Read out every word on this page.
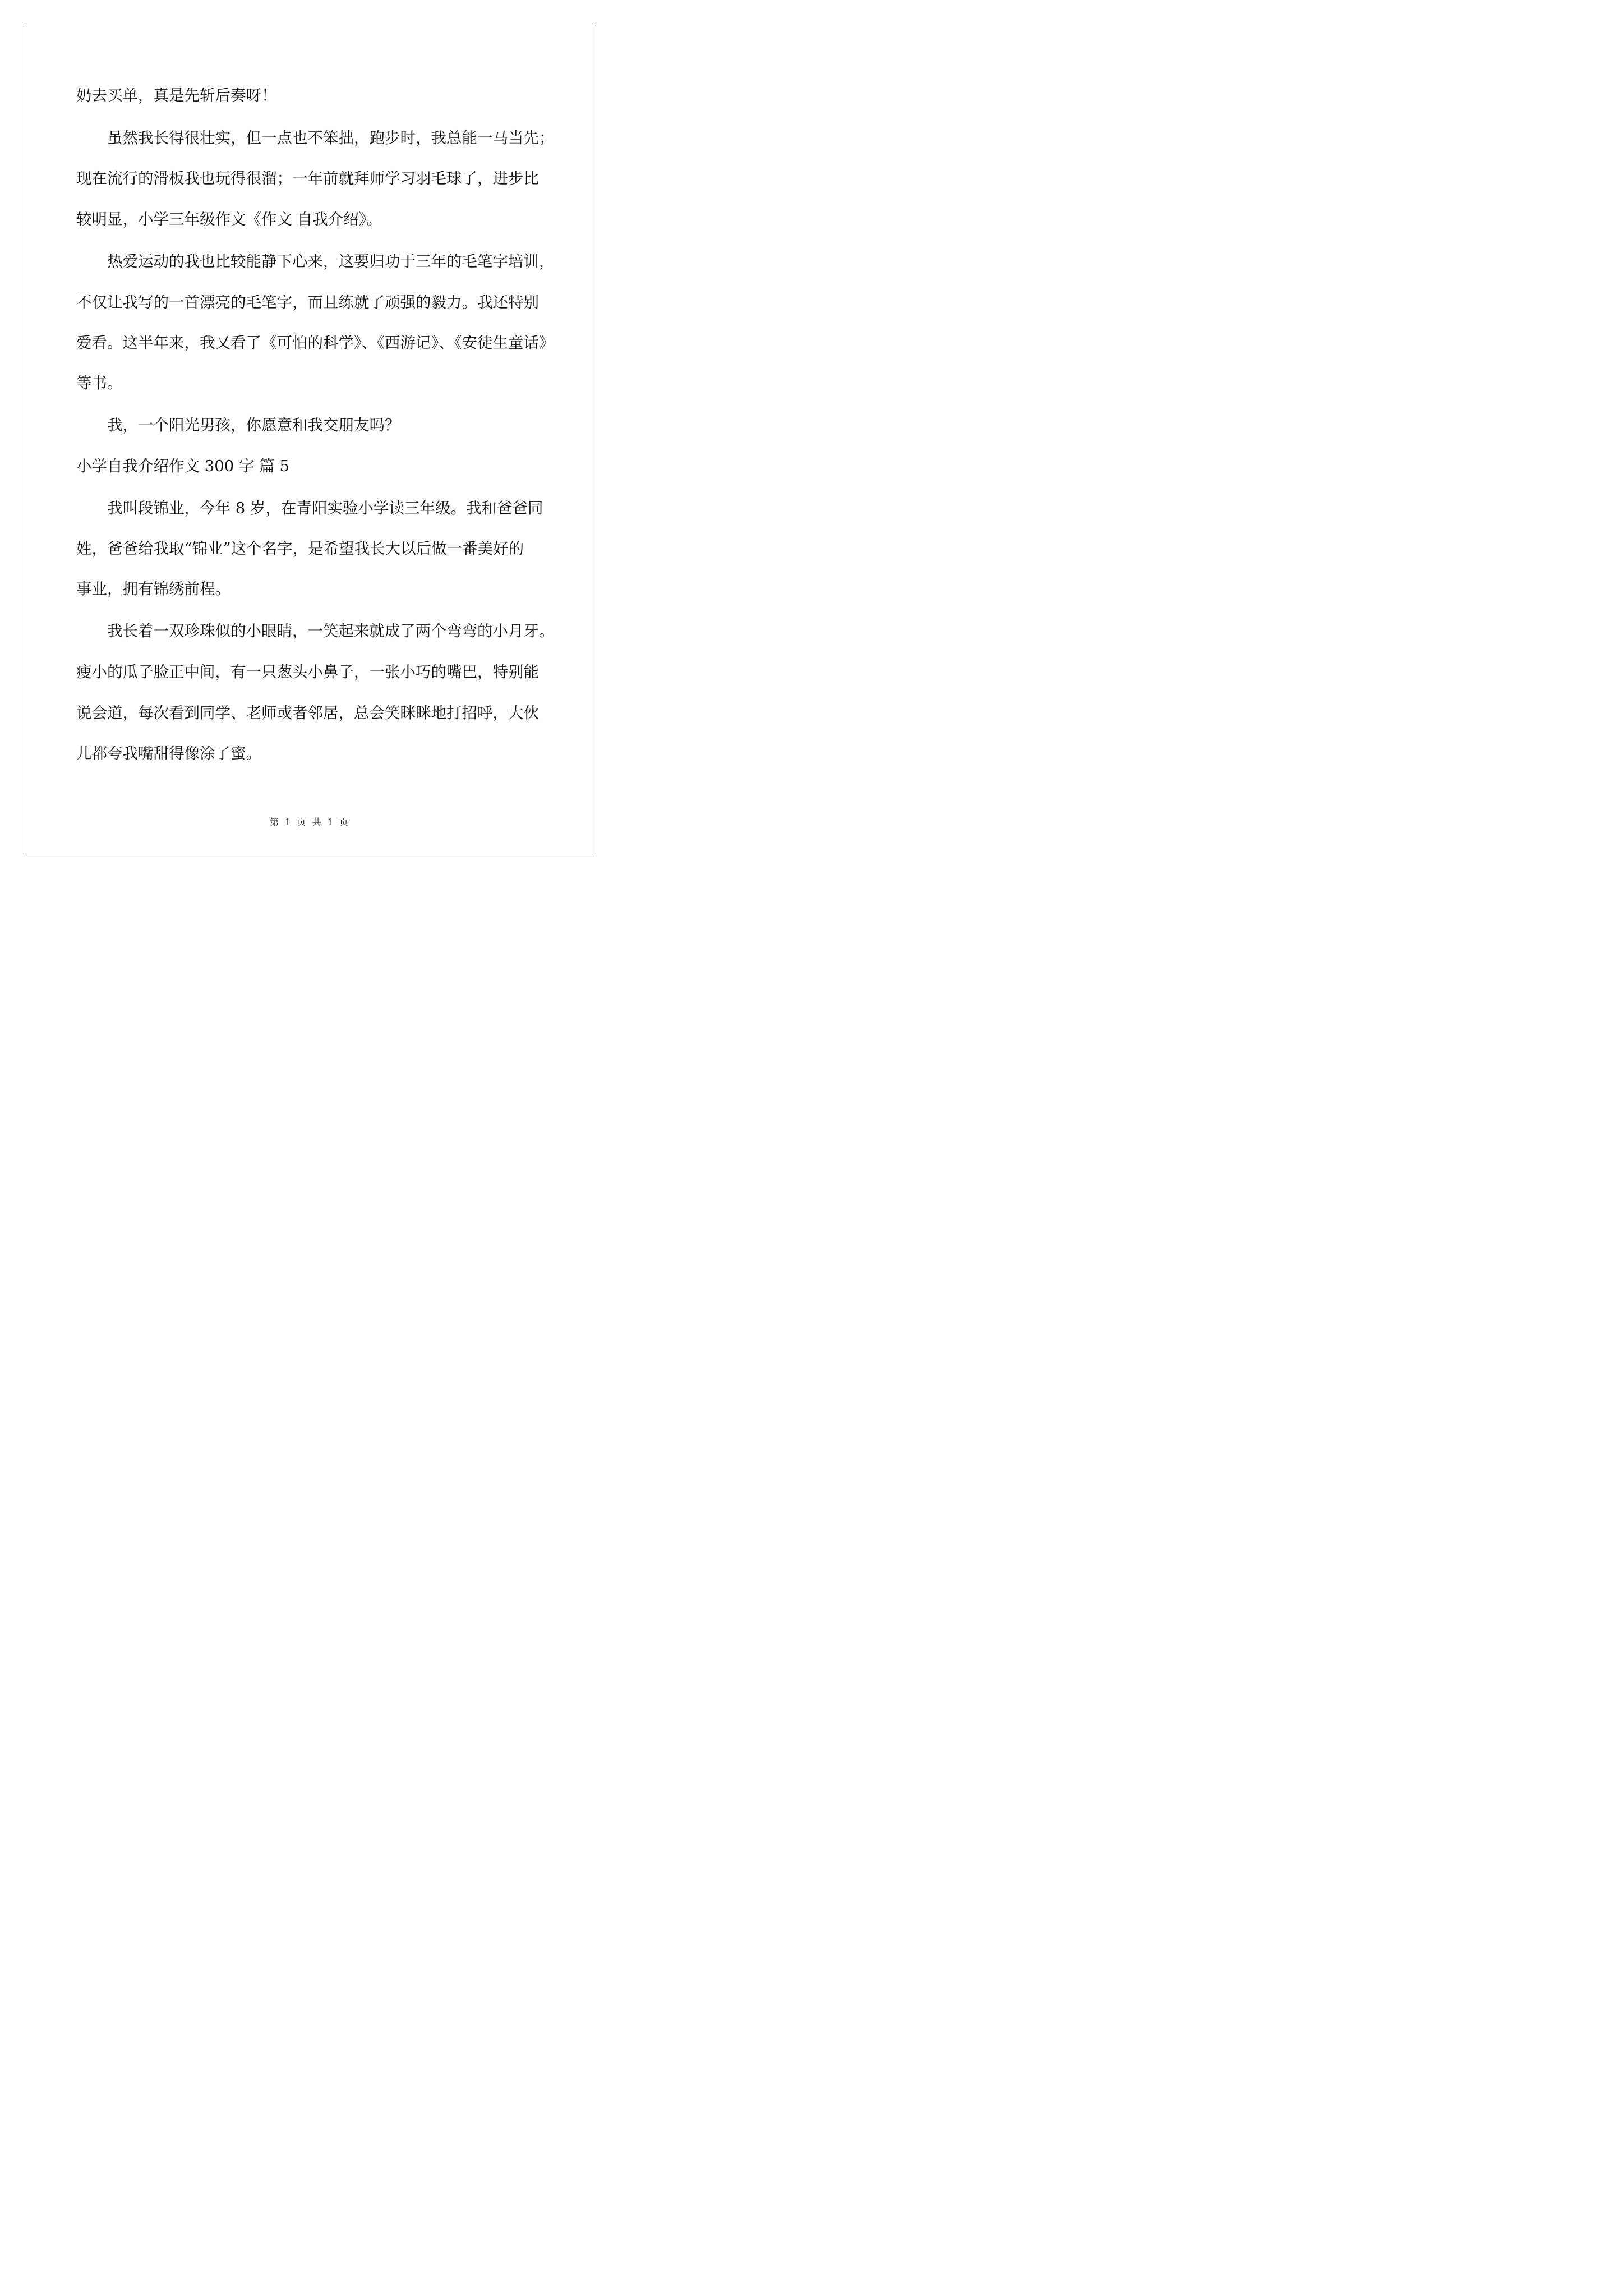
奶去买单，真是先斩后奏呀！

虽然我长得很壮实，但一点也不笨拙，跑步时，我总能一马当先；

现在流行的滑板我也玩得很溜；一年前就拜师学习羽毛球了，进步比

较明显，小学三年级作文《作文 自我介绍》。

热爱运动的我也比较能静下心来，这要归功于三年的毛笔字培训，

不仅让我写的一首漂亮的毛笔字，而且练就了顽强的毅力。我还特别

爱看。这半年来，我又看了《可怕的科学》、《西游记》、《安徒生童话》

等书。

我，一个阳光男孩，你愿意和我交朋友吗？

小学自我介绍作文 300 字 篇 5

我叫段锦业，今年 8 岁，在青阳实验小学读三年级。我和爸爸同

姓，爸爸给我取“锦业”这个名字，是希望我长大以后做一番美好的

事业，拥有锦绣前程。

我长着一双珍珠似的小眼睛，一笑起来就成了两个弯弯的小月牙。

瘦小的瓜子脸正中间，有一只葱头小鼻子，一张小巧的嘴巴，特别能

说会道，每次看到同学、老师或者邻居，总会笑眯眯地打招呼，大伙

儿都夸我嘴甜得像涂了蜜。

第 1 页 共 1 页
